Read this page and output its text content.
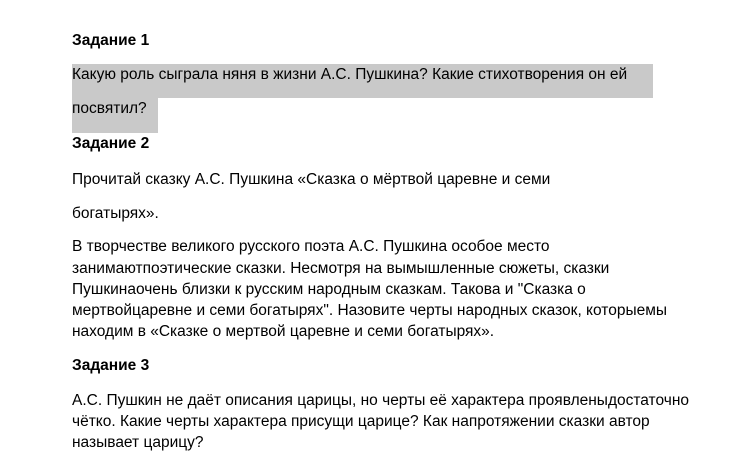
Задание 1
Какую роль сыграла няня в жизни А.С. Пушкина? Какие стихотворения он ей
посвятил?
Задание 2
Прочитай сказку А.С. Пушкина «Сказка о мёртвой царевне и семи
богатырях».
В творчестве великого русского поэта А.С. Пушкина особое место
занимаютпоэтические сказки. Несмотря на вымышленные сюжеты, сказки
Пушкинаочень близки к русским народным сказкам. Такова и "Сказка о
мертвойцаревне и семи богатырях". Назовите черты народных сказок, которыемы
находим в «Сказке о мертвой царевне и семи богатырях».
Задание 3
А.С. Пушкин не даёт описания царицы, но черты её характера проявленыдостаточно
чётко. Какие черты характера присущи царице? Как напротяжении сказки автор
называет царицу?
